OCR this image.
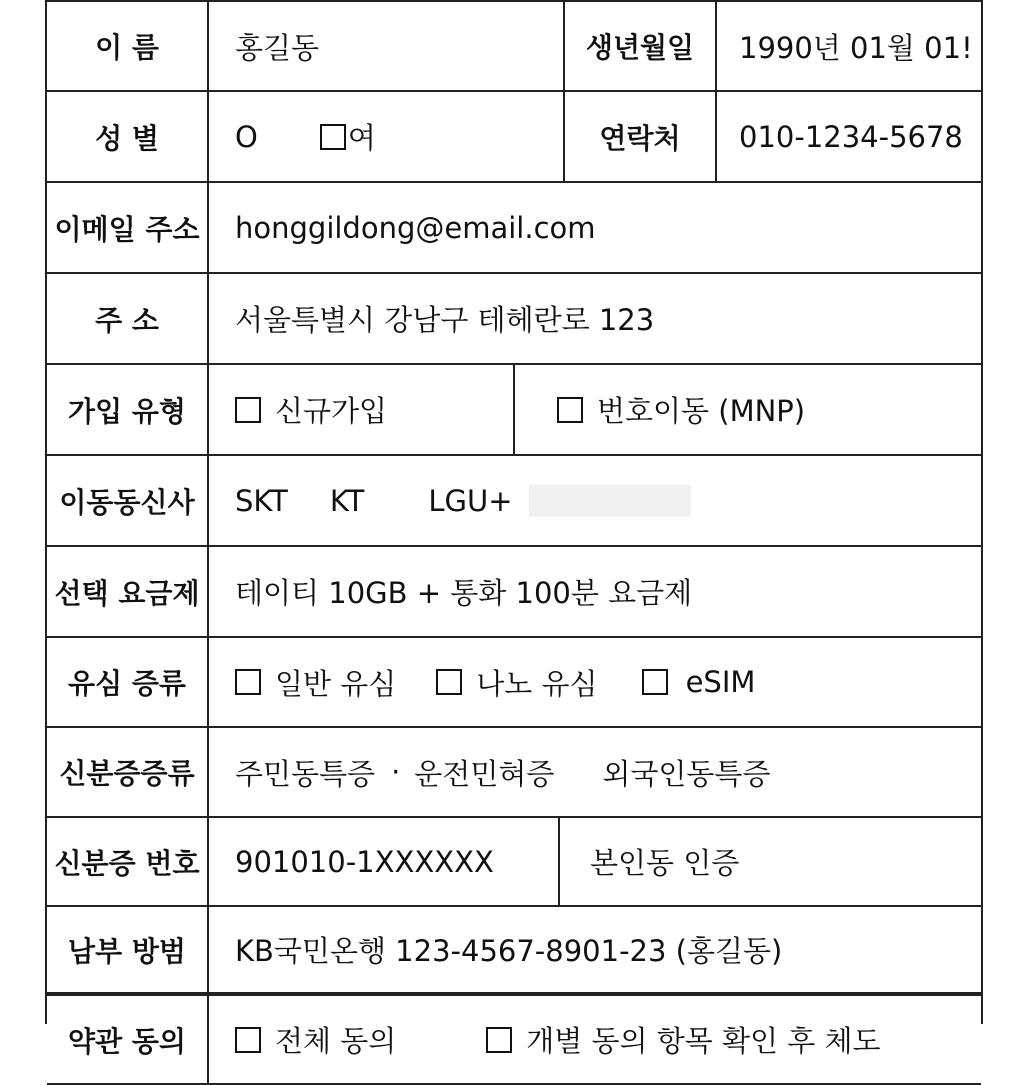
이 름	홍길동	생년월일	1990년 01월 01!
성 별	O	여	연락처	010-1234-5678
이메일 주소	honggildong@email.com
주 소	서울특별시 강남구 테헤란로 123
가입 유형	신규가입	번호이동 (MNP)
이동동신사	SKT KT LGU+
선택 요금제	테이티 10GB + 통화 100분 요금제
유심 증류	일반 유심	나노 유심	eSIM
신분증증류	주민동특증 · 운전민혀증 외국인동특증
신분증 번호	901010-1XXXXXX	본인동 인증
남부 방범	KB국민온행 123-4567-8901-23 (홍길동)
약관 동의	전체 동의	개별 동의 항목 확인 후 체도
